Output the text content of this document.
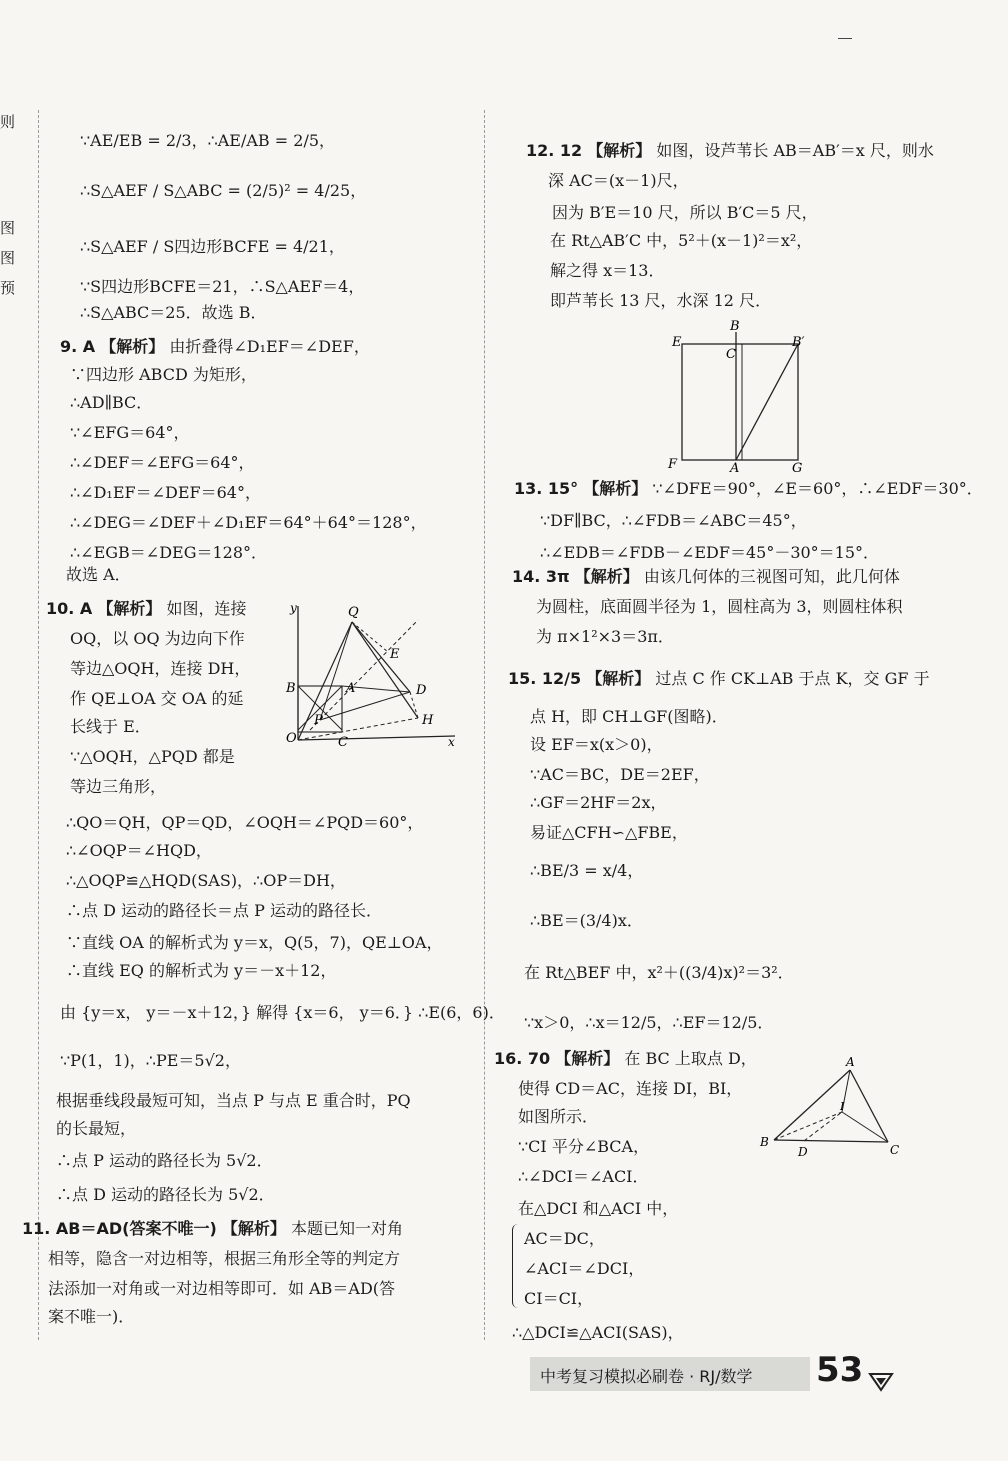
则
图
图
预
∵AE/EB = 2/3，∴AE/AB = 2/5，
∴S△AEF / S△ABC = (2/5)² = 4/25，
∴S△AEF / S四边形BCFE = 4/21，
∵S四边形BCFE＝21，∴S△AEF＝4，
∴S△ABC＝25．故选 B．
9. A 【解析】 由折叠得∠D₁EF＝∠DEF，
∵四边形 ABCD 为矩形，
∴AD∥BC．
∵∠EFG＝64°，
∴∠DEF＝∠EFG＝64°，
∴∠D₁EF＝∠DEF＝64°，
∴∠DEG＝∠DEF＋∠D₁EF＝64°＋64°＝128°，
∴∠EGB＝∠DEG＝128°．
故选 A．
10. A 【解析】 如图，连接
OQ，以 OQ 为边向下作
等边△OQH，连接 DH，
作 QE⊥OA 交 OA 的延
长线于 E．
∵△OQH，△PQD 都是
等边三角形，
∴QO＝QH，QP＝QD，∠OQH＝∠PQD＝60°，
∴∠OQP＝∠HQD，
∴△OQP≌△HQD(SAS)，∴OP＝DH，
∴点 D 运动的路径长＝点 P 运动的路径长．
∵直线 OA 的解析式为 y＝x，Q(5，7)，QE⊥OA，
∴直线 EQ 的解析式为 y＝－x＋12，
由 {y＝x， y＝－x＋12，} 解得 {x＝6， y＝6．} ∴E(6，6)．
∵P(1，1)，∴PE＝5√2，
根据垂线段最短可知，当点 P 与点 E 重合时，PQ
的长最短，
∴点 P 运动的路径长为 5√2．
∴点 D 运动的路径长为 5√2．
11. AB＝AD(答案不唯一) 【解析】 本题已知一对角
相等，隐含一对边相等，根据三角形全等的判定方
法添加一对角或一对边相等即可．如 AB＝AD(答
案不唯一)．
y	Q
E
B	A	D
P	H
O	C	x
12. 12 【解析】 如图，设芦苇长 AB＝AB′＝x 尺，则水
深 AC＝(x－1)尺，
因为 B′E＝10 尺，所以 B′C＝5 尺，
在 Rt△AB′C 中，5²＋(x－1)²＝x²，
解之得 x＝13．
即芦苇长 13 尺，水深 12 尺．
13. 15° 【解析】 ∵∠DFE＝90°，∠E＝60°，∴∠EDF＝30°．
∵DF∥BC，∴∠FDB＝∠ABC＝45°，
∴∠EDB＝∠FDB－∠EDF＝45°－30°＝15°．
14. 3π 【解析】 由该几何体的三视图可知，此几何体
为圆柱，底面圆半径为 1，圆柱高为 3，则圆柱体积
为 π×1²×3＝3π．
15. 12/5 【解析】 过点 C 作 CK⊥AB 于点 K，交 GF 于
点 H，即 CH⊥GF(图略)．
设 EF＝x(x＞0)，
∵AC＝BC，DE＝2EF，
∴GF＝2HF＝2x，
易证△CFH∽△FBE，
∴BE/3 = x/4，
∴BE＝(3/4)x．
在 Rt△BEF 中，x²＋((3/4)x)²＝3²．
∵x＞0，∴x＝12/5，∴EF＝12/5．
16. 70 【解析】 在 BC 上取点 D，
使得 CD＝AC，连接 DI，BI，
如图所示．
∵CI 平分∠BCA，
∴∠DCI＝∠ACI．
在△DCI 和△ACI 中，
AC＝DC，
∠ACI＝∠DCI，
CI＝CI，
∴△DCI≌△ACI(SAS)，
B
E
C
B′
F	A	G
A
I
B
D	C
中考复习模拟必刷卷 · RJ/数学 53
